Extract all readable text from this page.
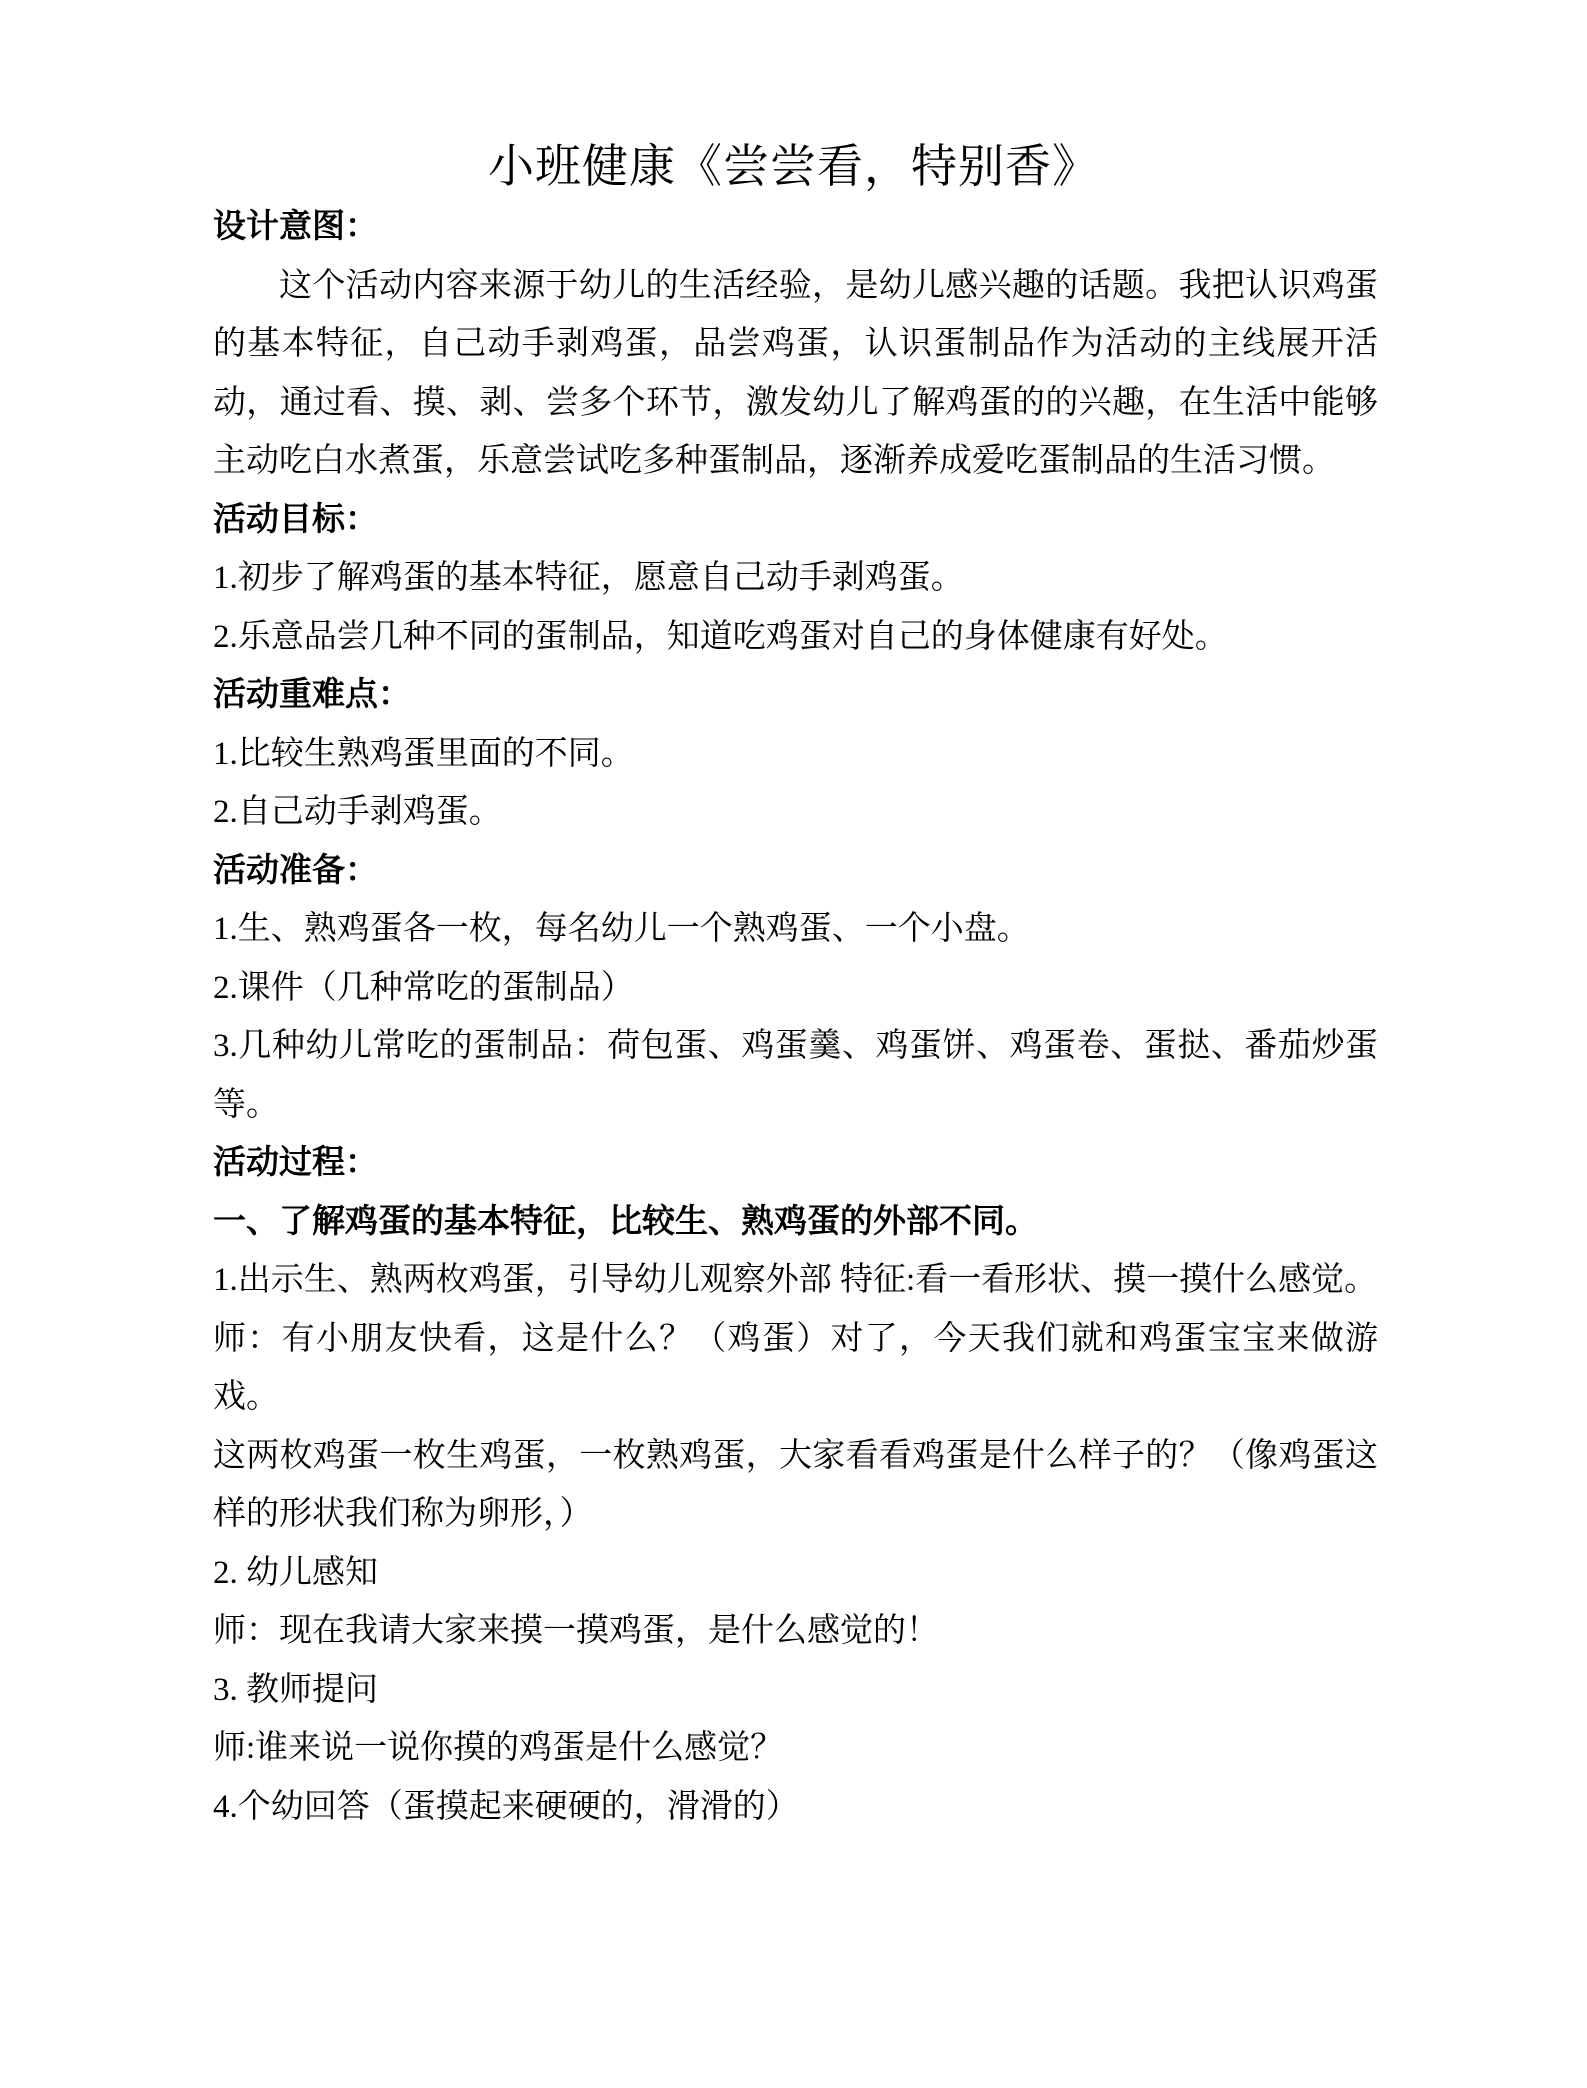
小班健康《尝尝看，特别香》

设计意图：

这个活动内容来源于幼儿的生活经验，是幼儿感兴趣的话题。我把认识鸡蛋的基本特征，自己动手剥鸡蛋，品尝鸡蛋，认识蛋制品作为活动的主线展开活动，通过看、摸、剥、尝多个环节，激发幼儿了解鸡蛋的的兴趣，在生活中能够主动吃白水煮蛋，乐意尝试吃多种蛋制品，逐渐养成爱吃蛋制品的生活习惯。

活动目标：

1.初步了解鸡蛋的基本特征，愿意自己动手剥鸡蛋。

2.乐意品尝几种不同的蛋制品，知道吃鸡蛋对自己的身体健康有好处。

活动重难点：

1.比较生熟鸡蛋里面的不同。

2.自己动手剥鸡蛋。

活动准备：

1.生、熟鸡蛋各一枚，每名幼儿一个熟鸡蛋、一个小盘。

2.课件（几种常吃的蛋制品）

3.几种幼儿常吃的蛋制品：荷包蛋、鸡蛋羹、鸡蛋饼、鸡蛋卷、蛋挞、番茄炒蛋等。

活动过程：

一、了解鸡蛋的基本特征，比较生、熟鸡蛋的外部不同。

1.出示生、熟两枚鸡蛋，引导幼儿观察外部 特征:看一看形状、摸一摸什么感觉。

师：有小朋友快看，这是什么？（鸡蛋）对了，今天我们就和鸡蛋宝宝来做游戏。

这两枚鸡蛋一枚生鸡蛋，一枚熟鸡蛋，大家看看鸡蛋是什么样子的？（像鸡蛋这样的形状我们称为卵形，）

2. 幼儿感知

师：现在我请大家来摸一摸鸡蛋，是什么感觉的！

3. 教师提问

师:谁来说一说你摸的鸡蛋是什么感觉？

4.个幼回答（蛋摸起来硬硬的，滑滑的）
